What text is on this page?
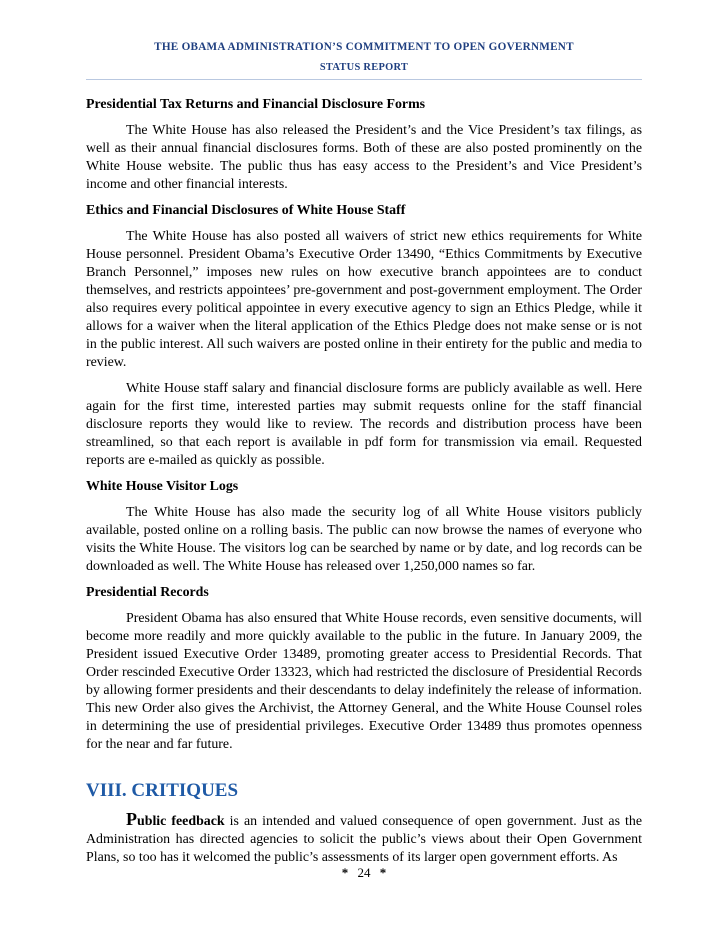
THE OBAMA ADMINISTRATION’S COMMITMENT TO OPEN GOVERNMENT
STATUS REPORT
Presidential Tax Returns and Financial Disclosure Forms

The White House has also released the President’s and the Vice President’s tax filings, as well as their annual financial disclosures forms. Both of these are also posted prominently on the White House website. The public thus has easy access to the President’s and Vice President’s income and other financial interests.

Ethics and Financial Disclosures of White House Staff

The White House has also posted all waivers of strict new ethics requirements for White House personnel. President Obama’s Executive Order 13490, “Ethics Commitments by Executive Branch Personnel,” imposes new rules on how executive branch appointees are to conduct themselves, and restricts appointees’ pre-government and post-government employment. The Order also requires every political appointee in every executive agency to sign an Ethics Pledge, while it allows for a waiver when the literal application of the Ethics Pledge does not make sense or is not in the public interest. All such waivers are posted online in their entirety for the public and media to review.

White House staff salary and financial disclosure forms are publicly available as well. Here again for the first time, interested parties may submit requests online for the staff financial disclosure reports they would like to review. The records and distribution process have been streamlined, so that each report is available in pdf form for transmission via email. Requested reports are e-mailed as quickly as possible.

White House Visitor Logs

The White House has also made the security log of all White House visitors publicly available, posted online on a rolling basis. The public can now browse the names of everyone who visits the White House. The visitors log can be searched by name or by date, and log records can be downloaded as well. The White House has released over 1,250,000 names so far.

Presidential Records

President Obama has also ensured that White House records, even sensitive documents, will become more readily and more quickly available to the public in the future. In January 2009, the President issued Executive Order 13489, promoting greater access to Presidential Records. That Order rescinded Executive Order 13323, which had restricted the disclosure of Presidential Records by allowing former presidents and their descendants to delay indefinitely the release of information. This new Order also gives the Archivist, the Attorney General, and the White House Counsel roles in determining the use of presidential privileges. Executive Order 13489 thus promotes openness for the near and far future.

VIII. CRITIQUES

Public feedback is an intended and valued consequence of open government. Just as the Administration has directed agencies to solicit the public’s views about their Open Government Plans, so too has it welcomed the public’s assessments of its larger open government efforts. As

* 24 *
